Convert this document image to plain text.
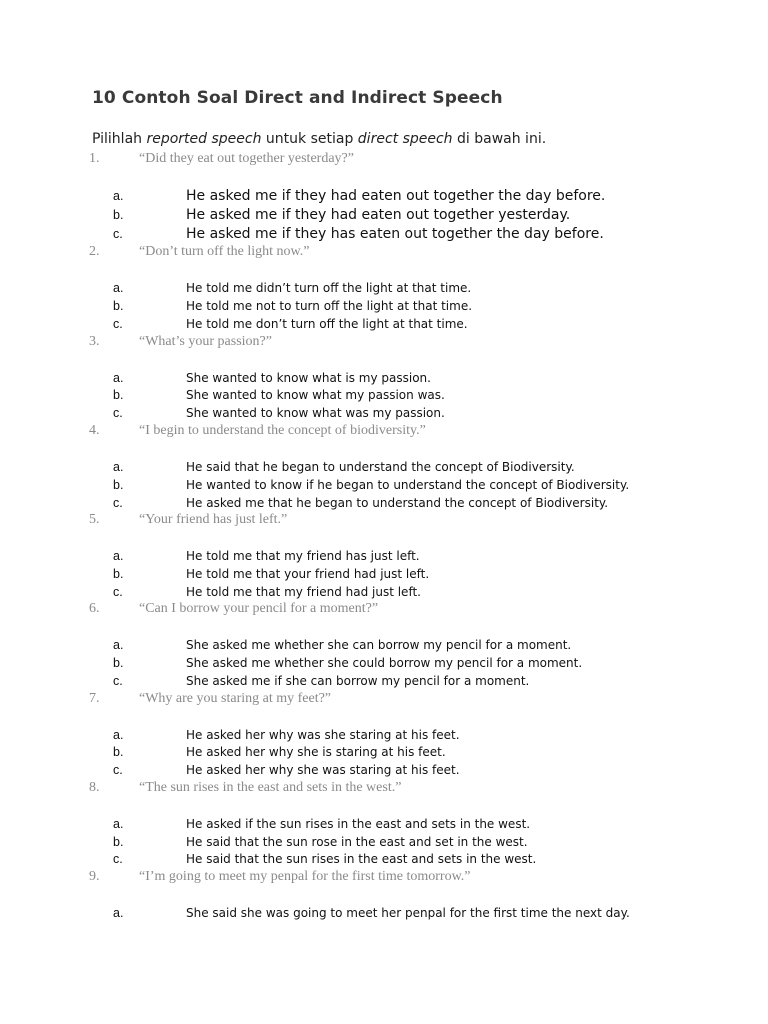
10 Contoh Soal Direct and Indirect Speech
Pilihlah reported speech untuk setiap direct speech di bawah ini.
1.	“Did they eat out together yesterday?”
a.	He asked me if they had eaten out together the day before.
b.	He asked me if they had eaten out together yesterday.
c.	He asked me if they has eaten out together the day before.
2.	“Don’t turn off the light now.”
a.	He told me didn’t turn off the light at that time.
b.	He told me not to turn off the light at that time.
c.	He told me don’t turn off the light at that time.
3.	“What’s your passion?”
a.	She wanted to know what is my passion.
b.	She wanted to know what my passion was.
c.	She wanted to know what was my passion.
4.	“I begin to understand the concept of biodiversity.”
a.	He said that he began to understand the concept of Biodiversity.
b.	He wanted to know if he began to understand the concept of Biodiversity.
c.	He asked me that he began to understand the concept of Biodiversity.
5.	“Your friend has just left.”
a.	He told me that my friend has just left.
b.	He told me that your friend had just left.
c.	He told me that my friend had just left.
6.	“Can I borrow your pencil for a moment?”
a.	She asked me whether she can borrow my pencil for a moment.
b.	She asked me whether she could borrow my pencil for a moment.
c.	She asked me if she can borrow my pencil for a moment.
7.	“Why are you staring at my feet?”
a.	He asked her why was she staring at his feet.
b.	He asked her why she is staring at his feet.
c.	He asked her why she was staring at his feet.
8.	“The sun rises in the east and sets in the west.”
a.	He asked if the sun rises in the east and sets in the west.
b.	He said that the sun rose in the east and set in the west.
c.	He said that the sun rises in the east and sets in the west.
9.	“I’m going to meet my penpal for the first time tomorrow.”
a.	She said she was going to meet her penpal for the first time the next day.
